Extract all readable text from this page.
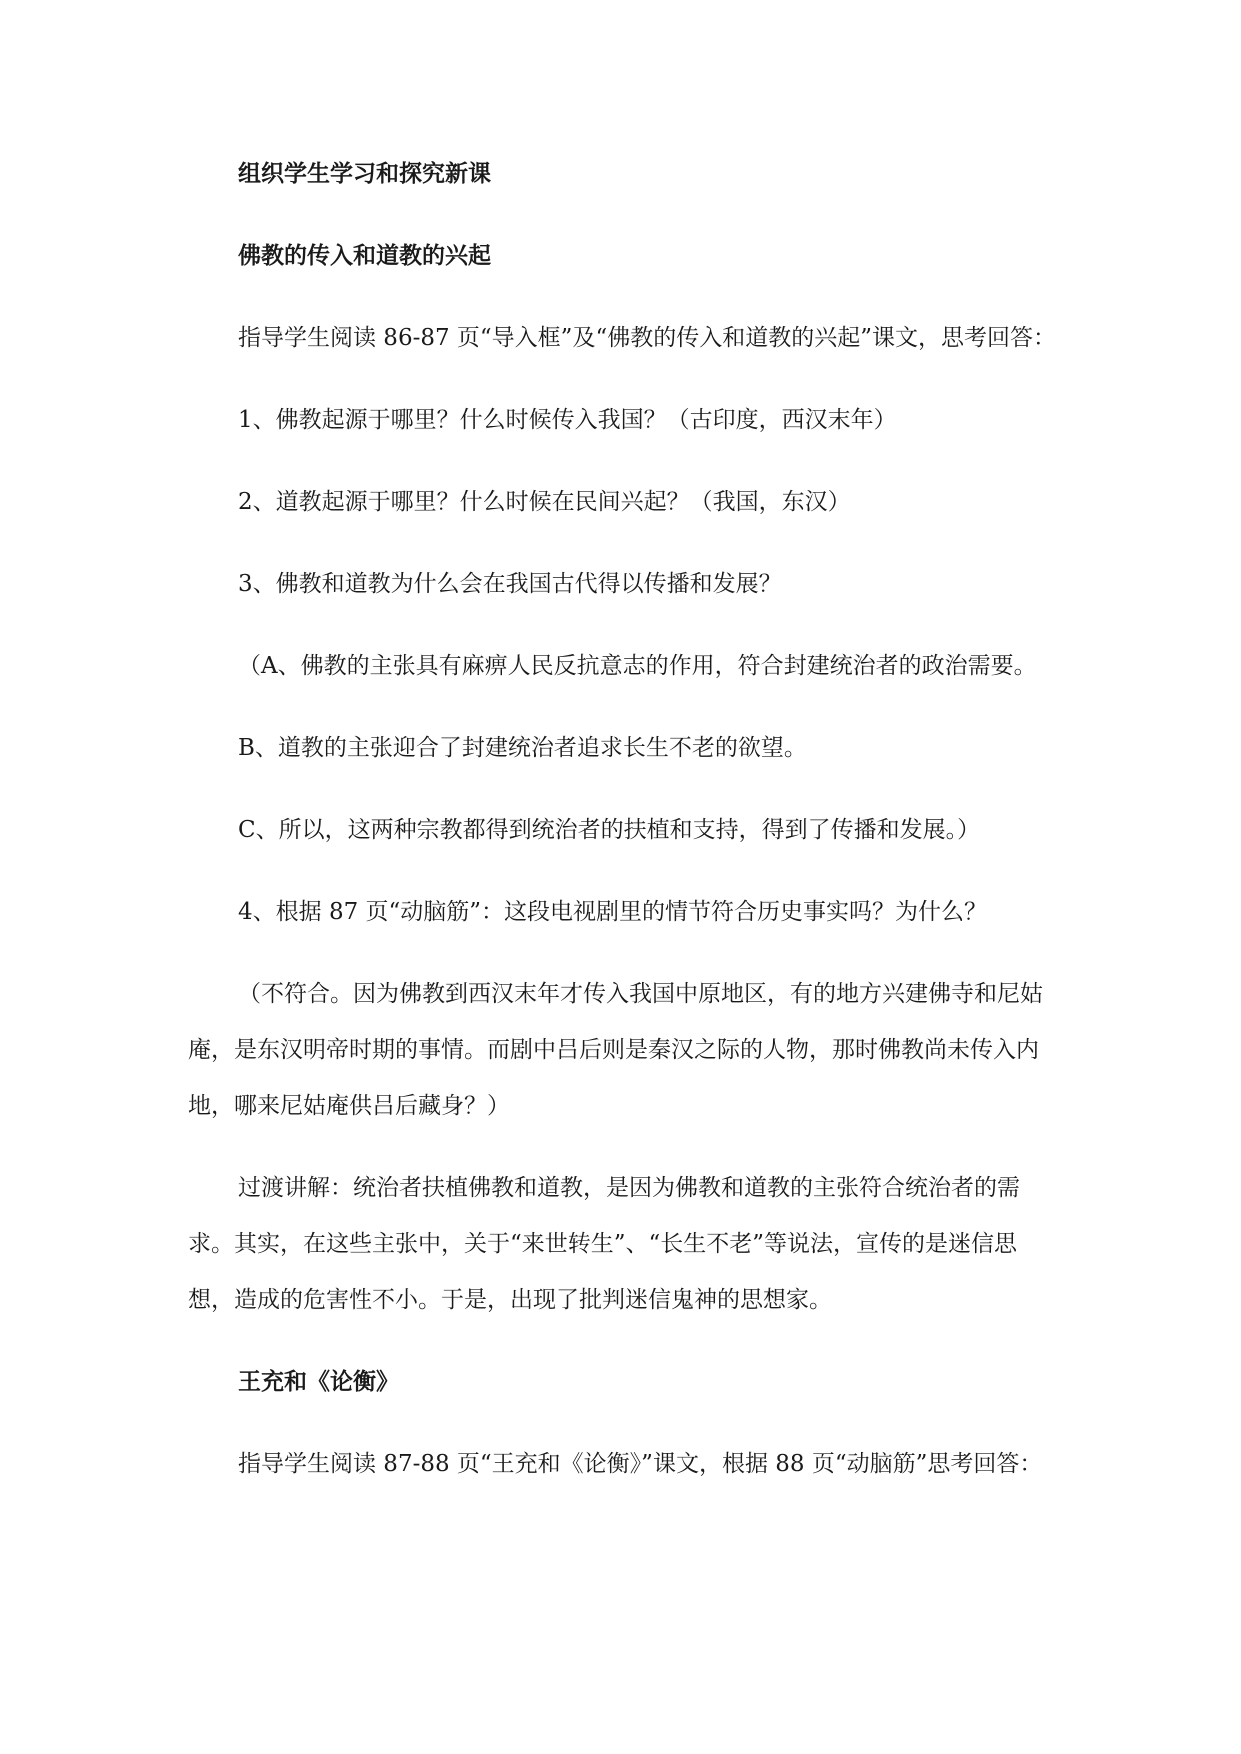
组织学生学习和探究新课

佛教的传入和道教的兴起

指导学生阅读 86-87 页“导入框”及“佛教的传入和道教的兴起”课文，思考回答：

1、佛教起源于哪里？什么时候传入我国？（古印度，西汉末年）

2、道教起源于哪里？什么时候在民间兴起？（我国，东汉）

3、佛教和道教为什么会在我国古代得以传播和发展？

（A、佛教的主张具有麻痹人民反抗意志的作用，符合封建统治者的政治需要。

B、道教的主张迎合了封建统治者追求长生不老的欲望。

C、所以，这两种宗教都得到统治者的扶植和支持，得到了传播和发展。）

4、根据 87 页“动脑筋”：这段电视剧里的情节符合历史事实吗？为什么？

（不符合。因为佛教到西汉末年才传入我国中原地区，有的地方兴建佛寺和尼姑庵，是东汉明帝时期的事情。而剧中吕后则是秦汉之际的人物，那时佛教尚未传入内地，哪来尼姑庵供吕后藏身？）

过渡讲解：统治者扶植佛教和道教，是因为佛教和道教的主张符合统治者的需求。其实，在这些主张中，关于“来世转生”、“长生不老”等说法，宣传的是迷信思想，造成的危害性不小。于是，出现了批判迷信鬼神的思想家。

王充和《论衡》

指导学生阅读 87-88 页“王充和《论衡》”课文，根据 88 页“动脑筋”思考回答：
